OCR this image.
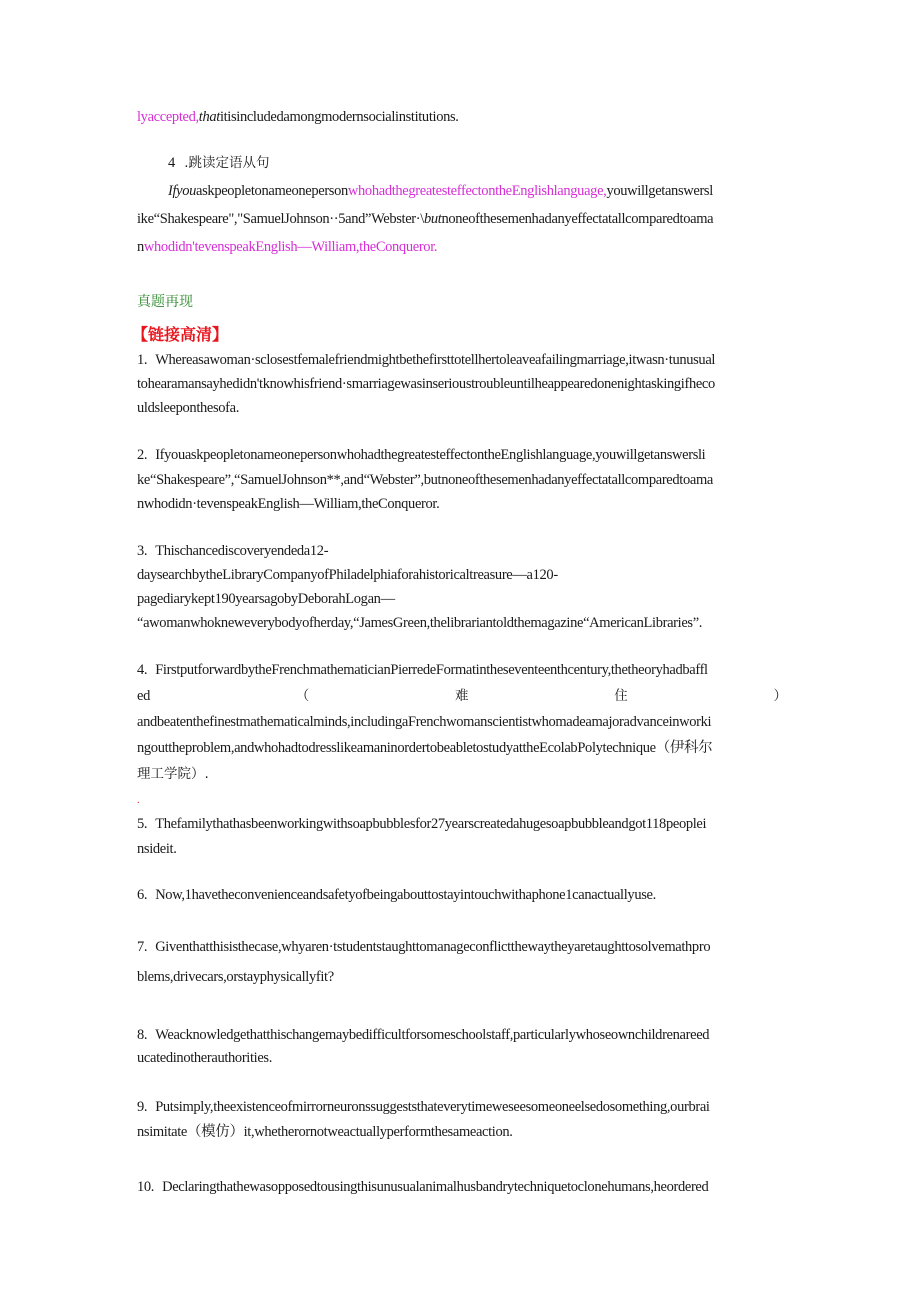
lyaccepted,thatitisincludedamongmodernsocialinstitutions.
4 .跳读定语从句
IfyouaskpeopletonameonepersonwhohadthegreatesteffectontheEnglishlanguage,youwillgetanswersl
ike“Shakespeare","SamuelJohnson··5and”Webster·\butnoneofthesemenhadanyeffectatallcomparedtoama
nwhodidn'tevenspeakEnglish—William,theConqueror.
真题再现
【链接高清】
1. Whereasawoman·sclosestfemalefriendmightbethefirsttotellhertoleaveafailingmarriage,itwasn·tunusual
tohearamansayhedidn'tknowhisfriend·smarriagewasinserioustroubleuntilheappearedonenightaskingifheco
uldsleeponthesofa.
2. IfyouaskpeopletonameonepersonwhohadthegreatesteffectontheEnglishlanguage,youwillgetanswersli
ke“Shakespeare”,“SamuelJohnson**,and“Webster”,butnoneofthesemenhadanyeffectatallcomparedtoama
nwhodidn·tevenspeakEnglish—William,theConqueror.
3. Thischancediscoveryendeda12-
daysearchbytheLibraryCompanyofPhiladelphiaforahistoricaltreasure—a120-
pagediarykept190yearsagobyDeborahLogan—
“awomanwhokneweverybodyofherday,“JamesGreen,thelibrariantoldthemagazine“AmericanLibraries”.
4. FirstputforwardbytheFrenchmathematicianPierredeFormatintheseventeenthcentury,thetheoryhadbaffl
ed	（	难	住	）
andbeatenthefinestmathematicalminds,includingaFrenchwomanscientistwhomadeamajoradvanceinworki
ngouttheproblem,andwhohadtodresslikeamaninordertobeabletostudyattheEcolabPolytechnique（伊科尔
理工学院）.
.
5. Thefamilythathasbeenworkingwithsoapbubblesfor27yearscreatedahugesoapbubbleandgot118peoplei
nsideit.
6. Now,1havetheconvenienceandsafetyofbeingabouttostayintouchwithaphone1canactuallyuse.
7. Giventhatthisisthecase,whyaren·tstudentstaughttomanageconflictthewaytheyaretaughttosolvemathpro
blems,drivecars,orstayphysicallyfit?
8. Weacknowledgethatthischangemaybedifficultforsomeschoolstaff,particularlywhoseownchildrenareed
ucatedinotherauthorities.
9. Putsimply,theexistenceofmirrorneuronssuggeststhateverytimeweseesomeoneelsedosomething,ourbrai
nsimitate（模仿）it,whetherornotweactuallyperformthesameaction.
10. Declaringthathewasopposedtousingthisunusualanimalhusbandrytechniquetoclonehumans,heordered
